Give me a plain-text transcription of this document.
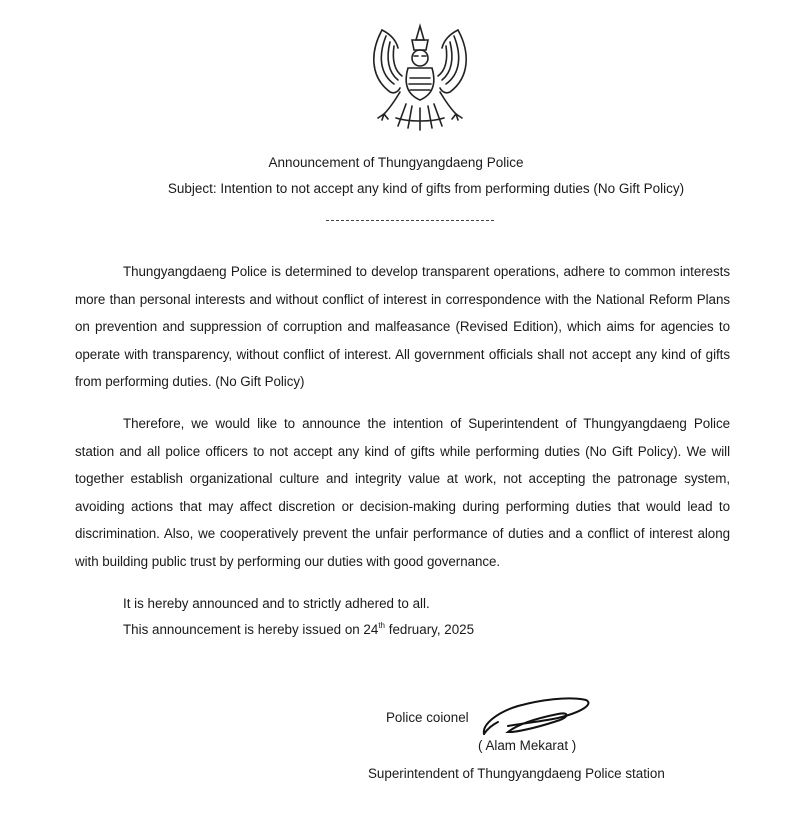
Announcement of Thungyangdaeng Police
Subject: Intention to not accept any kind of gifts from performing duties (No Gift Policy)

Thungyangdaeng Police is determined to develop transparent operations, adhere to common interests more than personal interests and without conflict of interest in correspondence with the National Reform Plans on prevention and suppression of corruption and malfeasance (Revised Edition), which aims for agencies to operate with transparency, without conflict of interest. All government officials shall not accept any kind of gifts from performing duties. (No Gift Policy)

Therefore, we would like to announce the intention of Superintendent of Thungyangdaeng Police station and all police officers to not accept any kind of gifts while performing duties (No Gift Policy). We will together establish organizational culture and integrity value at work, not accepting the patronage system, avoiding actions that may affect discretion or decision-making during performing duties that would lead to discrimination. Also, we cooperatively prevent the unfair performance of duties and a conflict of interest along with building public trust by performing our duties with good governance.

It is hereby announced and to strictly adhered to all.
This announcement is hereby issued on 24th fedruary, 2025
Police coionel
( Alam Mekarat )
Superintendent of Thungyangdaeng Police station
